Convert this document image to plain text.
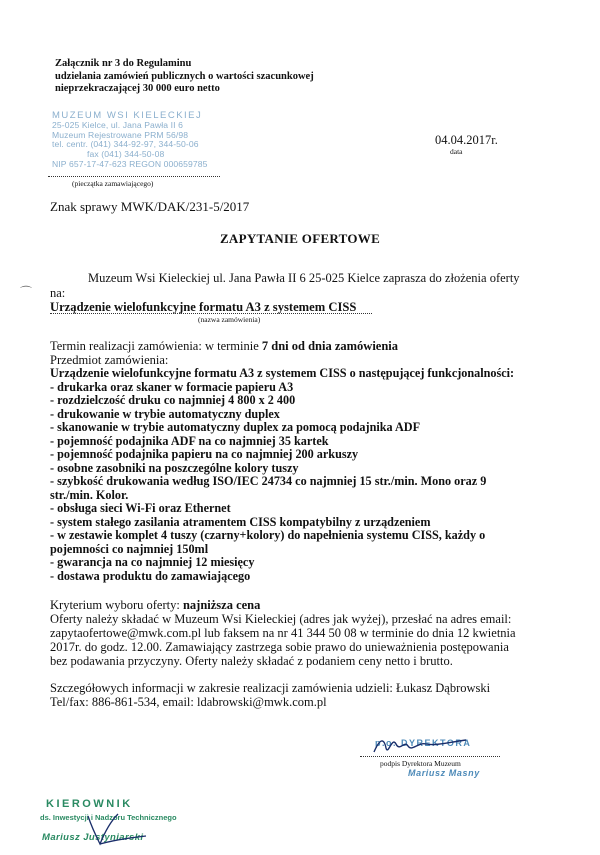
Załącznik nr 3 do Regulaminu
udzielania zamówień publicznych o wartości szacunkowej
nieprzekraczającej 30 000 euro netto
MUZEUM WSI KIELECKIEJ
25-025 Kielce, ul. Jana Pawła II 6
Muzeum Rejestrowane PRM 56/98
tel. centr. (041) 344-92-97, 344-50-06
fax (041) 344-50-08
NIP 657-17-47-623 REGON 000659785
(pieczątka zamawiającego)
04.04.2017r.
data
Znak sprawy MWK/DAK/231-5/2017
ZAPYTANIE OFERTOWE
Muzeum Wsi Kieleckiej ul. Jana Pawła II 6 25-025 Kielce zaprasza do złożenia oferty
na:
⌒
Urządzenie wielofunkcyjne formatu A3 z systemem CISS
(nazwa zamówienia)
Termin realizacji zamówienia: w terminie 7 dni od dnia zamówienia
Przedmiot zamówienia:
Urządzenie wielofunkcyjne formatu A3 z systemem CISS o następującej funkcjonalności:
- drukarka oraz skaner w formacie papieru A3
- rozdzielczość druku co najmniej 4 800 x 2 400
- drukowanie w trybie automatyczny duplex
- skanowanie w trybie automatyczny duplex za pomocą podajnika ADF
- pojemność podajnika ADF na co najmniej 35 kartek
- pojemność podajnika papieru na co najmniej 200 arkuszy
- osobne zasobniki na poszczególne kolory tuszy
- szybkość drukowania według ISO/IEC 24734 co najmniej 15 str./min. Mono oraz 9
str./min. Kolor.
- obsługa sieci Wi-Fi oraz Ethernet
- system stałego zasilania atramentem CISS kompatybilny z urządzeniem
- w zestawie komplet 4 tuszy (czarny+kolory) do napełnienia systemu CISS, każdy o
pojemności co najmniej 150ml
- gwarancja na co najmniej 12 miesięcy
- dostawa produktu do zamawiającego
Kryterium wyboru oferty: najniższa cena
Oferty należy składać w Muzeum Wsi Kieleckiej (adres jak wyżej), przesłać na adres email:
zapytaofertowe@mwk.com.pl lub faksem na nr 41 344 50 08 w terminie do dnia 12 kwietnia
2017r. do godz. 12.00. Zamawiający zastrzega sobie prawo do unieważnienia postępowania
bez podawania przyczyny. Oferty należy składać z podaniem ceny netto i brutto.
Szczegółowych informacji w zakresie realizacji zamówienia udzieli: Łukasz Dąbrowski
Tel/fax: 886-861-534, email: ldabrowski@mwk.com.pl
p.o. DYREKTORA
podpis Dyrektora Muzeum
Mariusz Masny
KIEROWNIK
ds. Inwestycji i Nadzoru Technicznego
Mariusz Justyniarski
